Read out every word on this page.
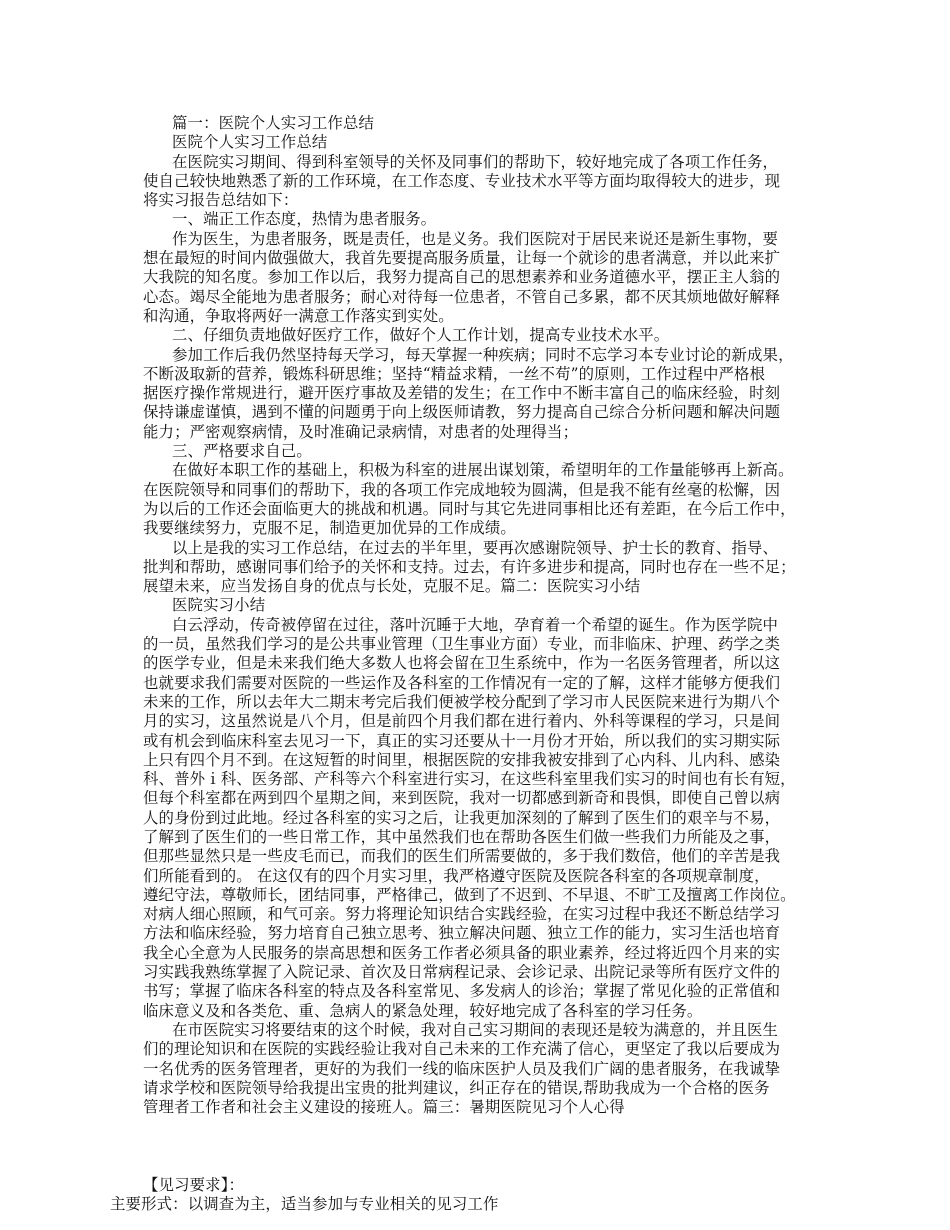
篇一：医院个人实习工作总结
医院个人实习工作总结
在医院实习期间、得到科室领导的关怀及同事们的帮助下，较好地完成了各项工作任务，
使自己较快地熟悉了新的工作环境，在工作态度、专业技术水平等方面均取得较大的进步，现
将实习报告总结如下：
一、端正工作态度，热情为患者服务。
作为医生，为患者服务，既是责任，也是义务。我们医院对于居民来说还是新生事物，要
想在最短的时间内做强做大，我首先要提高服务质量，让每一个就诊的患者满意，并以此来扩
大我院的知名度。参加工作以后，我努力提高自己的思想素养和业务道德水平，摆正主人翁的
心态。竭尽全能地为患者服务；耐心对待每一位患者，不管自己多累，都不厌其烦地做好解释
和沟通，争取将两好一满意工作落实到实处。
二、仔细负责地做好医疗工作，做好个人工作计划，提高专业技术水平。
参加工作后我仍然坚持每天学习，每天掌握一种疾病；同时不忘学习本专业讨论的新成果，
不断汲取新的营养，锻炼科研思维；坚持“精益求精，一丝不苟”的原则，工作过程中严格根
据医疗操作常规进行，避开医疗事故及差错的发生；在工作中不断丰富自己的临床经验，时刻
保持谦虚谨慎，遇到不懂的问题勇于向上级医师请教，努力提高自己综合分析问题和解决问题
能力；严密观察病情，及时准确记录病情，对患者的处理得当；
三、严格要求自己。
在做好本职工作的基础上，积极为科室的进展出谋划策，希望明年的工作量能够再上新高。
在医院领导和同事们的帮助下，我的各项工作完成地较为圆满，但是我不能有丝毫的松懈，因
为以后的工作还会面临更大的挑战和机遇。同时与其它先进同事相比还有差距，在今后工作中，
我要继续努力，克服不足，制造更加优异的工作成绩。
以上是我的实习工作总结，在过去的半年里，要再次感谢院领导、护士长的教育、指导、
批判和帮助，感谢同事们给予的关怀和支持。过去，有许多进步和提高，同时也存在一些不足；
展望未来，应当发扬自身的优点与长处，克服不足。篇二：医院实习小结
医院实习小结
白云浮动，传奇被停留在过往，落叶沉睡于大地，孕育着一个希望的诞生。作为医学院中
的一员，虽然我们学习的是公共事业管理（卫生事业方面）专业，而非临床、护理、药学之类
的医学专业，但是未来我们绝大多数人也将会留在卫生系统中，作为一名医务管理者，所以这
也就要求我们需要对医院的一些运作及各科室的工作情况有一定的了解，这样才能够方便我们
未来的工作，所以去年大二期末考完后我们便被学校分配到了学习市人民医院来进行为期八个
月的实习，这虽然说是八个月，但是前四个月我们都在进行着内、外科等课程的学习，只是间
或有机会到临床科室去见习一下，真正的实习还要从十一月份才开始，所以我们的实习期实际
上只有四个月不到。在这短暂的时间里，根据医院的安排我被安排到了心内科、儿内科、感染
科、普外ｉ科、医务部、产科等六个科室进行实习，在这些科室里我们实习的时间也有长有短，
但每个科室都在两到四个星期之间，来到医院，我对一切都感到新奇和畏惧，即使自己曾以病
人的身份到过此地。经过各科室的实习之后，让我更加深刻的了解到了医生们的艰辛与不易，
了解到了医生们的一些日常工作，其中虽然我们也在帮助各医生们做一些我们力所能及之事，
但那些显然只是一些皮毛而已，而我们的医生们所需要做的，多于我们数倍，他们的辛苦是我
们所能看到的。 在这仅有的四个月实习里，我严格遵守医院及医院各科室的各项规章制度，
遵纪守法，尊敬师长，团结同事，严格律己，做到了不迟到、不早退、不旷工及擅离工作岗位。
对病人细心照顾，和气可亲。努力将理论知识结合实践经验，在实习过程中我还不断总结学习
方法和临床经验，努力培育自己独立思考、独立解决问题、独立工作的能力，实习生活也培育
我全心全意为人民服务的崇高思想和医务工作者必须具备的职业素养，经过将近四个月来的实
习实践我熟练掌握了入院记录、首次及日常病程记录、会诊记录、出院记录等所有医疗文件的
书写；掌握了临床各科室的特点及各科室常见、多发病人的诊治；掌握了常见化验的正常值和
临床意义及和各类危、重、急病人的紧急处理，较好地完成了各科室的学习任务。
在市医院实习将要结束的这个时候，我对自己实习期间的表现还是较为满意的，并且医生
们的理论知识和在医院的实践经验让我对自己未来的工作充满了信心，更坚定了我以后要成为
一名优秀的医务管理者，更好的为我们一线的临床医护人员及我们广阔的患者服务，在我诚挚
请求学校和医院领导给我提出宝贵的批判建议，纠正存在的错误,帮助我成为一个合格的医务
管理者工作者和社会主义建设的接班人。篇三：暑期医院见习个人心得
【见习要求】：
主要形式：以调查为主，适当参加与专业相关的见习工作
